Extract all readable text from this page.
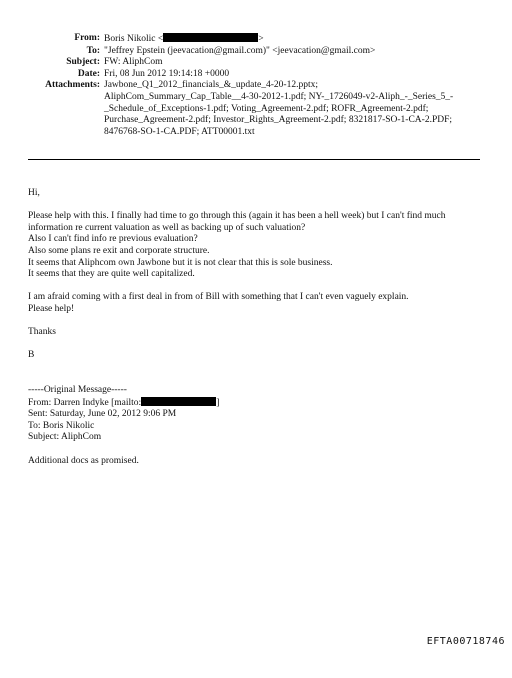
From: Boris Nikolic <	>
To: "Jeffrey Epstein (jeevacation@gmail.com)" <jeevacation@gmail.com>
Subject: FW: AliphCom
Date: Fri, 08 Jun 2012 19:14:18 +0000
Attachments: Jawbone_Q1_2012_financials_&_update_4-20-12.pptx;
AliphCom_Summary_Cap_Table__4-30-2012-1.pdf; NY-_1726049-v2-Aliph_-_Series_5_-
_Schedule_of_Exceptions-1.pdf; Voting_Agreement-2.pdf; ROFR_Agreement-2.pdf;
Purchase_Agreement-2.pdf; Investor_Rights_Agreement-2.pdf; 8321817-SO-1-CA-2.PDF;
8476768-SO-1-CA.PDF; ATT00001.txt
Hi,
Please help with this. I finally had time to go through this (again it has been a hell week) but I can't find much
information re current valuation as well as backing up of such valuation?
Also I can't find info re previous evaluation?
Also some plans re exit and corporate structure.
It seems that Aliphcom own Jawbone but it is not clear that this is sole business.
It seems that they are quite well capitalized.
I am afraid coming with a first deal in from of Bill with something that I can't even vaguely explain.
Please help!
Thanks
B
-----Original Message-----
From: Darren Indyke [mailto:	]
Sent: Saturday, June 02, 2012 9:06 PM
To: Boris Nikolic
Subject: AliphCom
Additional docs as promised.
EFTA00718746
